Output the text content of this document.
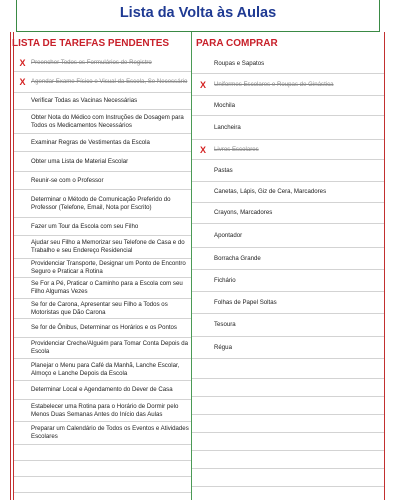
Lista da Volta às Aulas
LISTA DE TAREFAS PENDENTES	PARA COMPRAR
X Preencher Todos os Formulários de Registro
X Agendar Exame Físico e Visual da Escola, Se Necessário
Verificar Todas as Vacinas Necessárias
Obter Nota do Médico com Instruções de Dosagem para Todos os Medicamentos Necessários
Examinar Regras de Vestimentas da Escola
Obter uma Lista de Material Escolar
Reunir-se com o Professor
Determinar o Método de Comunicação Preferido do Professor (Telefone, Email, Nota por Escrito)
Fazer um Tour da Escola com seu Filho
Ajudar seu Filho a Memorizar seu Telefone de Casa e do Trabalho e seu Endereço Residencial
Providenciar Transporte, Designar um Ponto de Encontro Seguro e Praticar a Rotina
Se For a Pé, Praticar o Caminho para a Escola com seu Filho Algumas Vezes
Se for de Carona, Apresentar seu Filho a Todos os Motoristas que Dão Carona
Se for de Ônibus, Determinar os Horários e os Pontos
Providenciar Creche/Alguém para Tomar Conta Depois da Escola
Planejar o Menu para Café da Manhã, Lanche Escolar, Almoço e Lanche Depois da Escola
Determinar Local e Agendamento do Dever de Casa
Estabelecer uma Rotina para o Horário de Dormir pelo Menos Duas Semanas Antes do Início das Aulas
Preparar um Calendário de Todos os Eventos e Atividades Escolares
Roupas e Sapatos
X	Uniformes Escolares e Roupas de Ginástica
Mochila
Lancheira
X	Livros Escolares
Pastas
Canetas, Lápis, Giz de Cera, Marcadores
Crayons, Marcadores
Apontador
Borracha Grande
Fichário
Folhas de Papel Soltas
Tesoura
Régua
